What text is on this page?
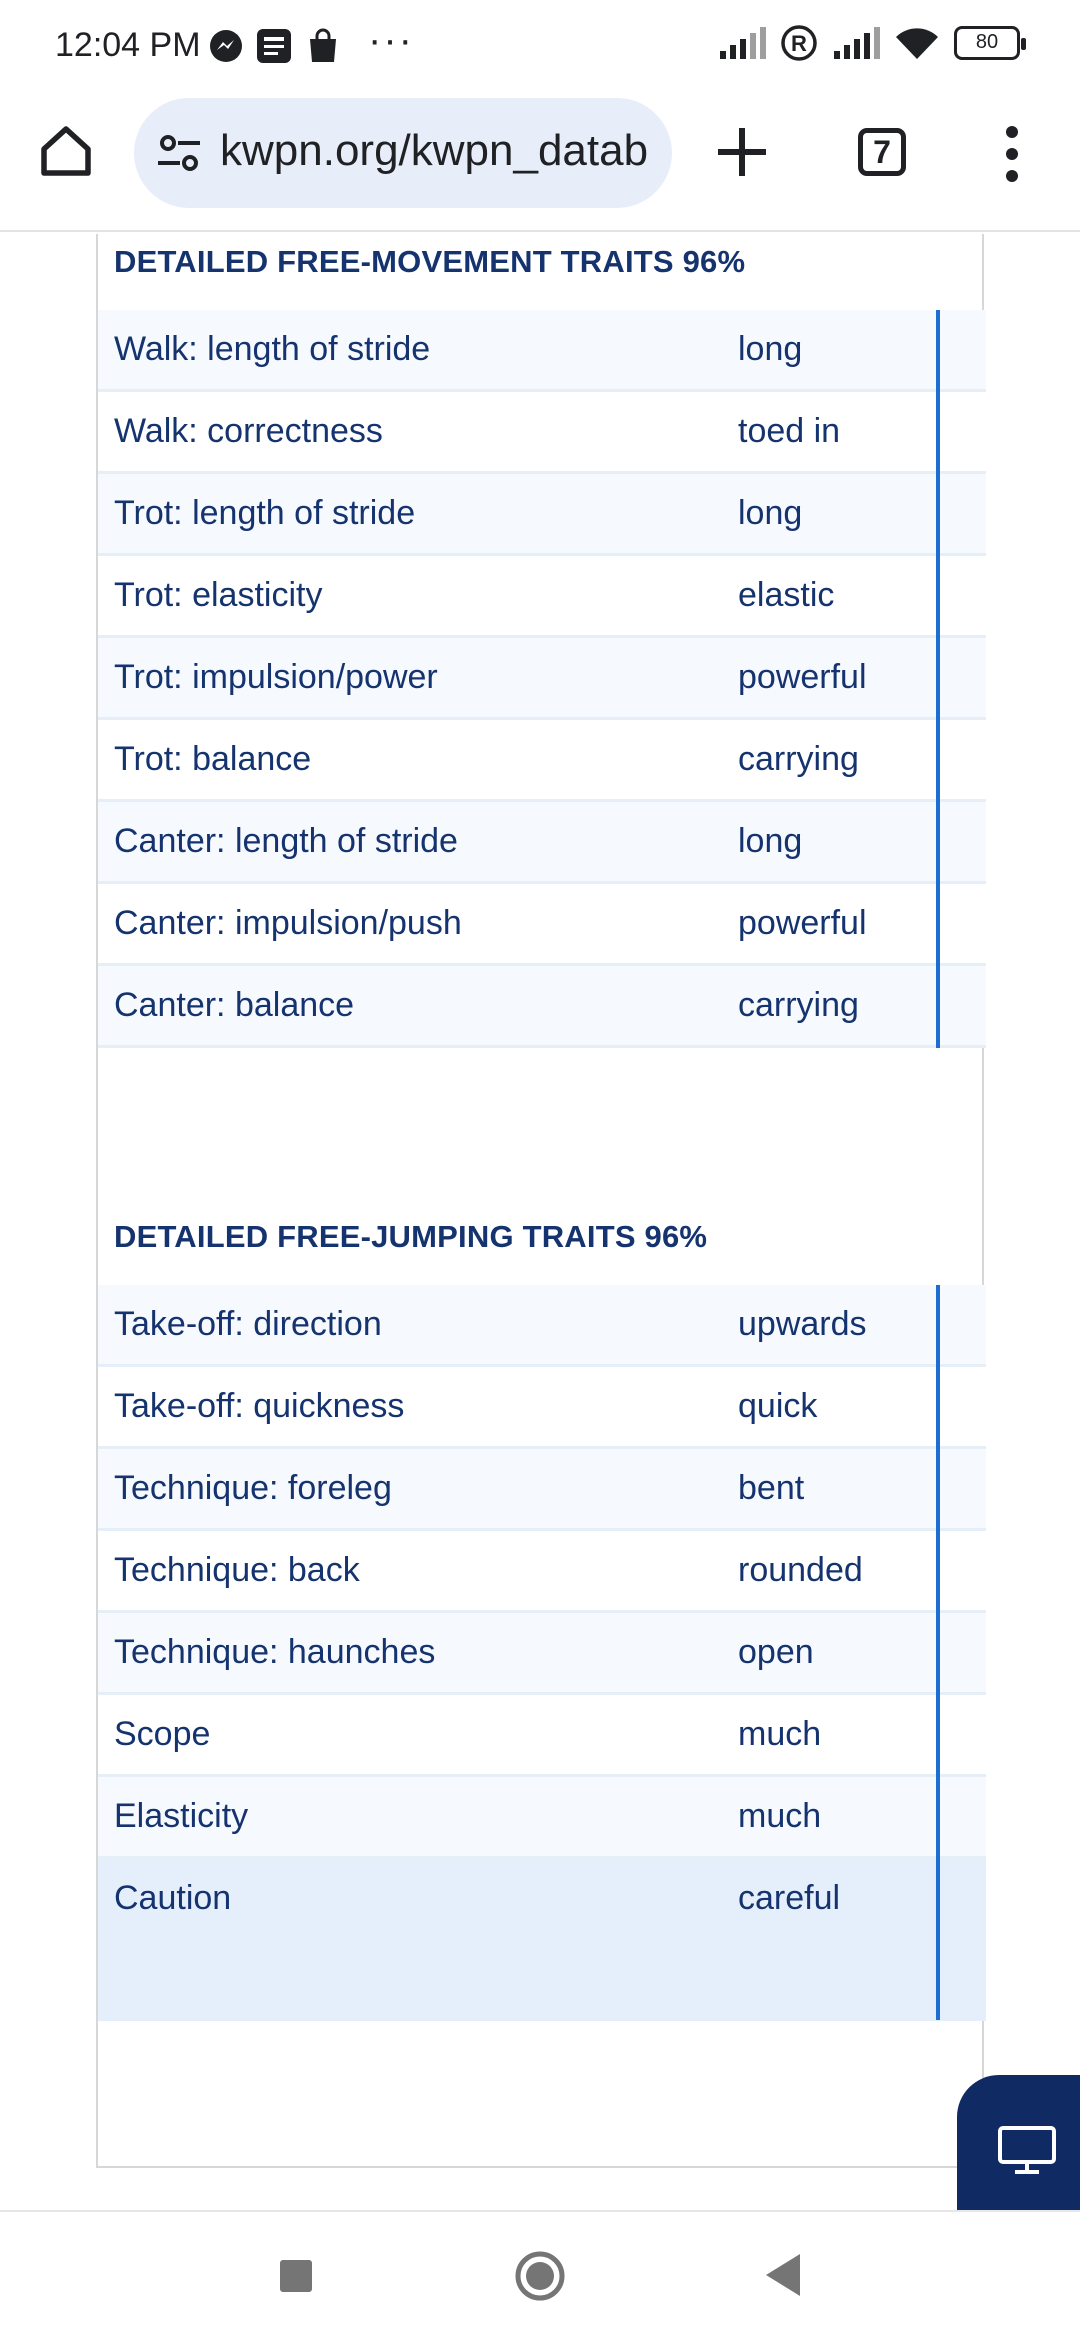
12:04 PM	···	R	80
kwpn.org/kwpn_datab	7
DETAILED FREE-MOVEMENT TRAITS 96%
Walk: length of stride	long
Walk: correctness	toed in
Trot: length of stride	long
Trot: elasticity	elastic
Trot: impulsion/power	powerful
Trot: balance	carrying
Canter: length of stride	long
Canter: impulsion/push	powerful
Canter: balance	carrying
DETAILED FREE-JUMPING TRAITS 96%
Take-off: direction	upwards
Take-off: quickness	quick
Technique: foreleg	bent
Technique: back	rounded
Technique: haunches	open
Scope	much
Elasticity	much
Caution	careful
